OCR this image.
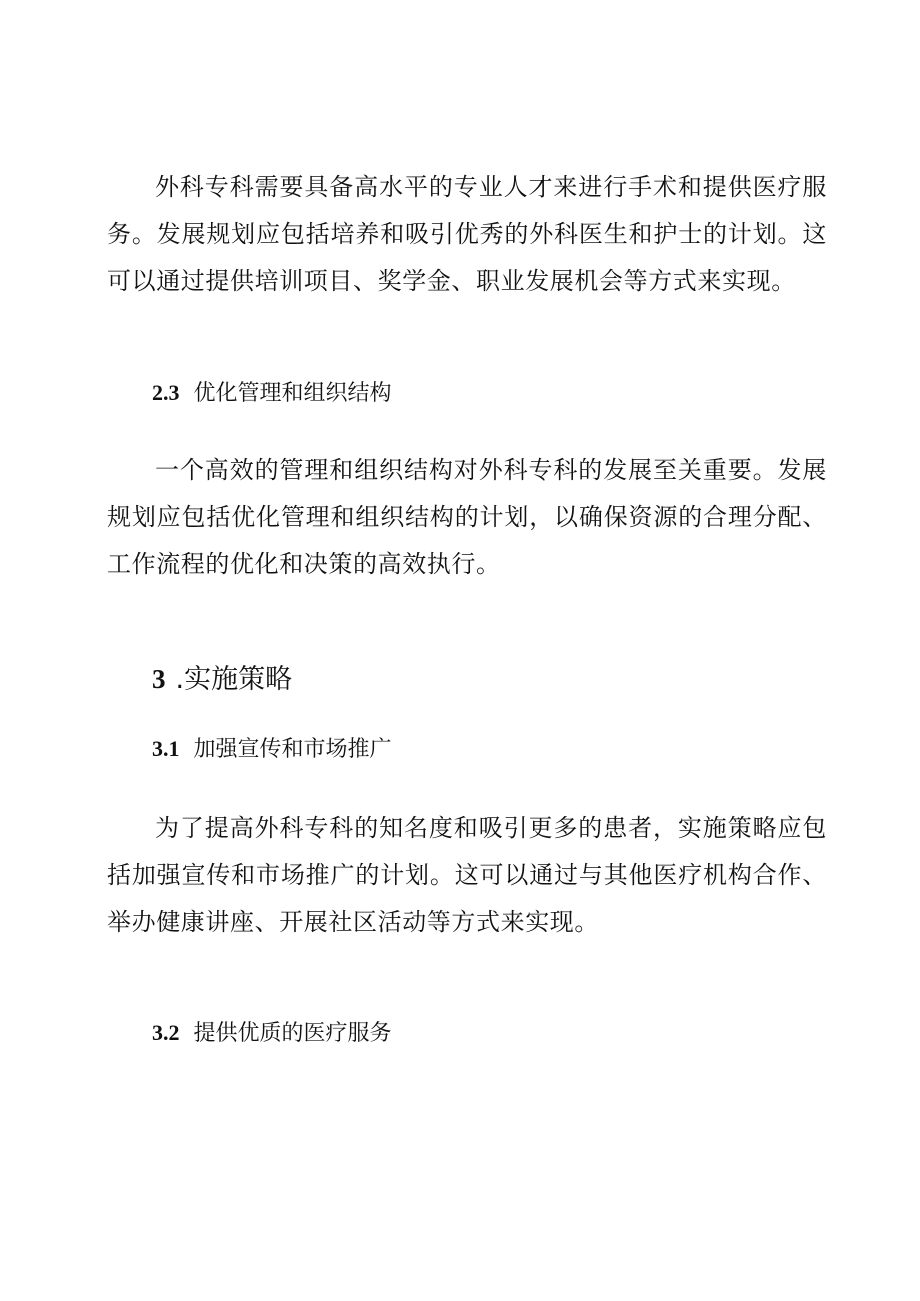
外科专科需要具备高水平的专业人才来进行手术和提供医疗服务。发展规划应包括培养和吸引优秀的外科医生和护士的计划。这可以通过提供培训项目、奖学金、职业发展机会等方式来实现。

2.3 优化管理和组织结构

一个高效的管理和组织结构对外科专科的发展至关重要。发展规划应包括优化管理和组织结构的计划，以确保资源的合理分配、工作流程的优化和决策的高效执行。

3 .实施策略
3.1 加强宣传和市场推广

为了提高外科专科的知名度和吸引更多的患者，实施策略应包括加强宣传和市场推广的计划。这可以通过与其他医疗机构合作、举办健康讲座、开展社区活动等方式来实现。

3.2 提供优质的医疗服务
